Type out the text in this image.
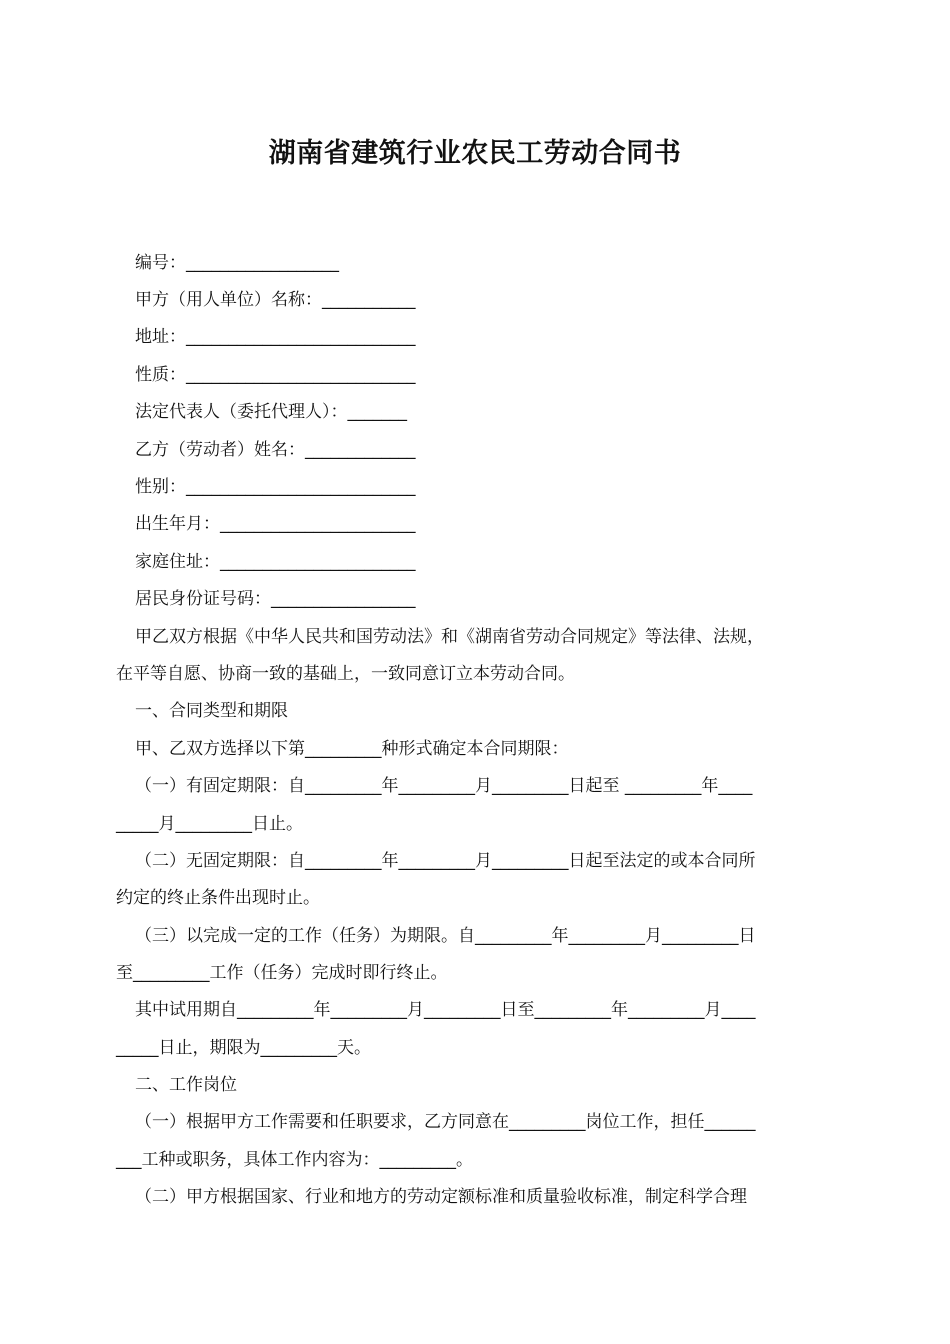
湖南省建筑行业农民工劳动合同书
编号：__________________
甲方（用人单位）名称：___________
地址：___________________________
性质：___________________________
法定代表人（委托代理人）：_______
乙方（劳动者）姓名：_____________
性别：___________________________
出生年月：_______________________
家庭住址：_______________________
居民身份证号码：_________________
甲乙双方根据《中华人民共和国劳动法》和《湖南省劳动合同规定》等法律、法规，
在平等自愿、协商一致的基础上，一致同意订立本劳动合同。
一、合同类型和期限
甲、乙双方选择以下第_________种形式确定本合同期限：
（一）有固定期限：自_________年_________月_________日起至 _________年____
_____月_________日止。
（二）无固定期限：自_________年_________月_________日起至法定的或本合同所
约定的终止条件出现时止。
（三）以完成一定的工作（任务）为期限。自_________年_________月_________日
至_________工作（任务）完成时即行终止。
其中试用期自_________年_________月_________日至_________年_________月____
_____日止，期限为_________天。
二、工作岗位
（一）根据甲方工作需要和任职要求，乙方同意在_________岗位工作，担任______
___工种或职务，具体工作内容为：_________。
（二）甲方根据国家、行业和地方的劳动定额标准和质量验收标准，制定科学合理
